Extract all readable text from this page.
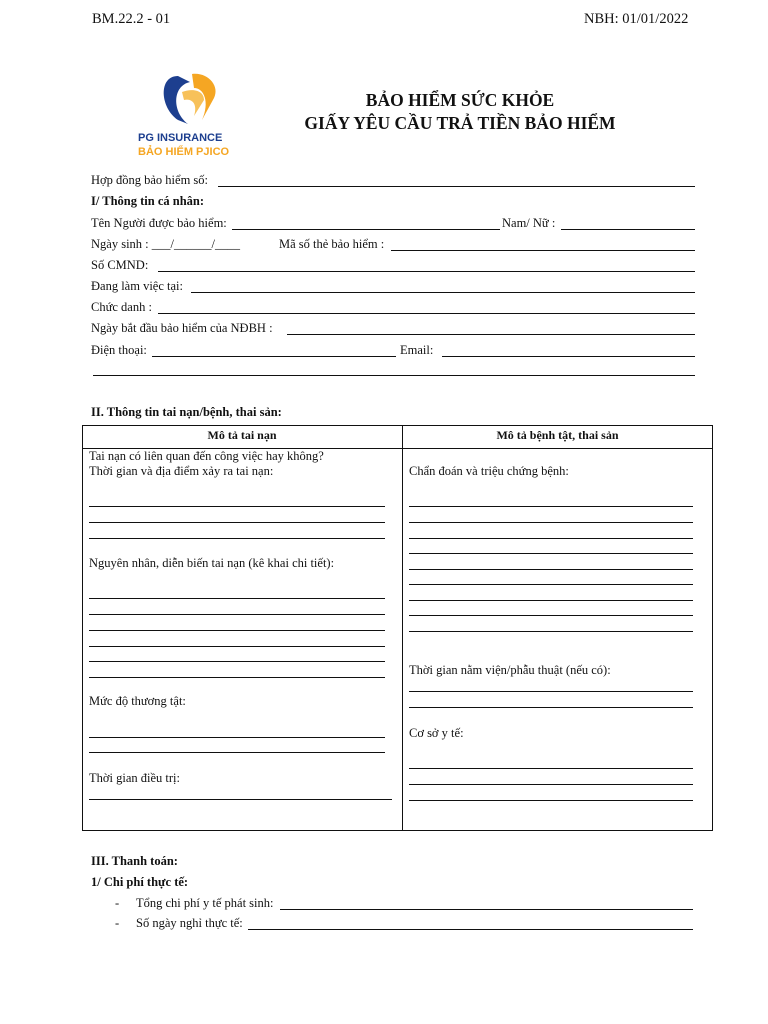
BM.22.2 - 01	NBH: 01/01/2022
PG INSURANCE
BẢO HIỂM PJICO
BẢO HIỂM SỨC KHỎE
GIẤY YÊU CẦU TRẢ TIỀN BẢO HIỂM
Hợp đồng bảo hiểm số:
I/ Thông tin cá nhân:
Tên Người được bảo hiểm:	Nam/ Nữ :
Ngày sinh : ___/______/____	Mã số thẻ bảo hiểm :
Số CMND:
Đang làm việc tại:
Chức danh :
Ngày bắt đầu bảo hiểm của NĐBH :
Điện thoại:	Email:
II. Thông tin tai nạn/bệnh, thai sản:
Mô tả tai nạn	Mô tả bệnh tật, thai sản
Tai nạn có liên quan đến công việc hay không?
Thời gian và địa điểm xảy ra tai nạn:
Nguyên nhân, diễn biến tai nạn (kê khai chi tiết):
Mức độ thương tật:
Thời gian điều trị:
Chẩn đoán và triệu chứng bệnh:
Thời gian nằm viện/phẫu thuật (nếu có):
Cơ sở y tế:
III. Thanh toán:
1/ Chi phí thực tế:
- Tổng chi phí y tế phát sinh:
- Số ngày nghỉ thực tế:
